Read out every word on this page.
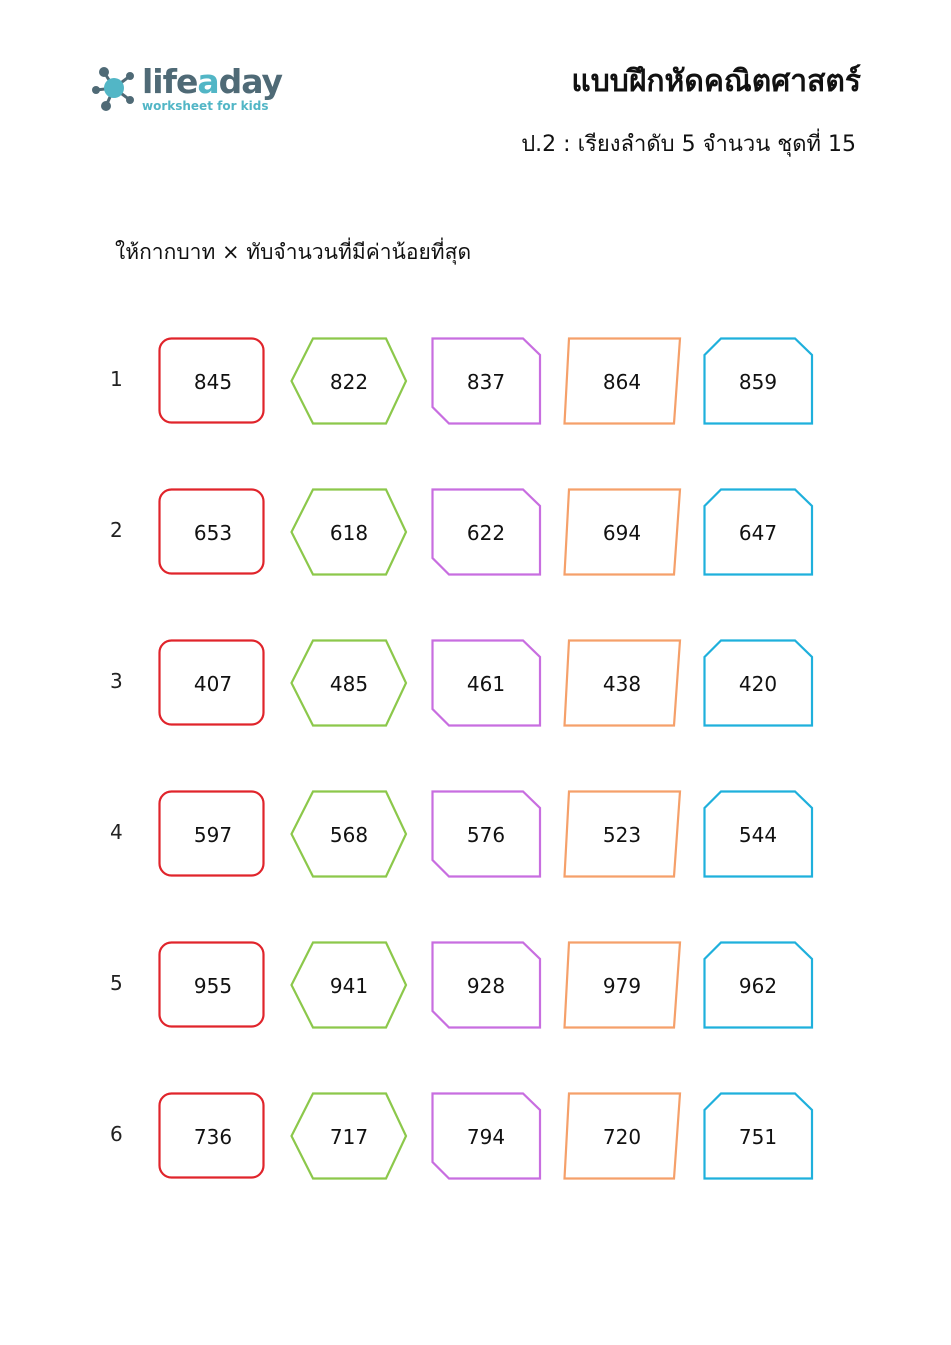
lifeaday
worksheet for kids
แบบฝึกหัดคณิตศาสตร์
ป.2 : เรียงลำดับ 5 จำนวน ชุดที่ 15
ให้กากบาท × ทับจำนวนที่มีค่าน้อยที่สุด
1	845	822	837	864	859
2	653	618	622	694	647
3	407	485	461	438	420
4	597	568	576	523	544
5	955	941	928	979	962
6	736	717	794	720	751
